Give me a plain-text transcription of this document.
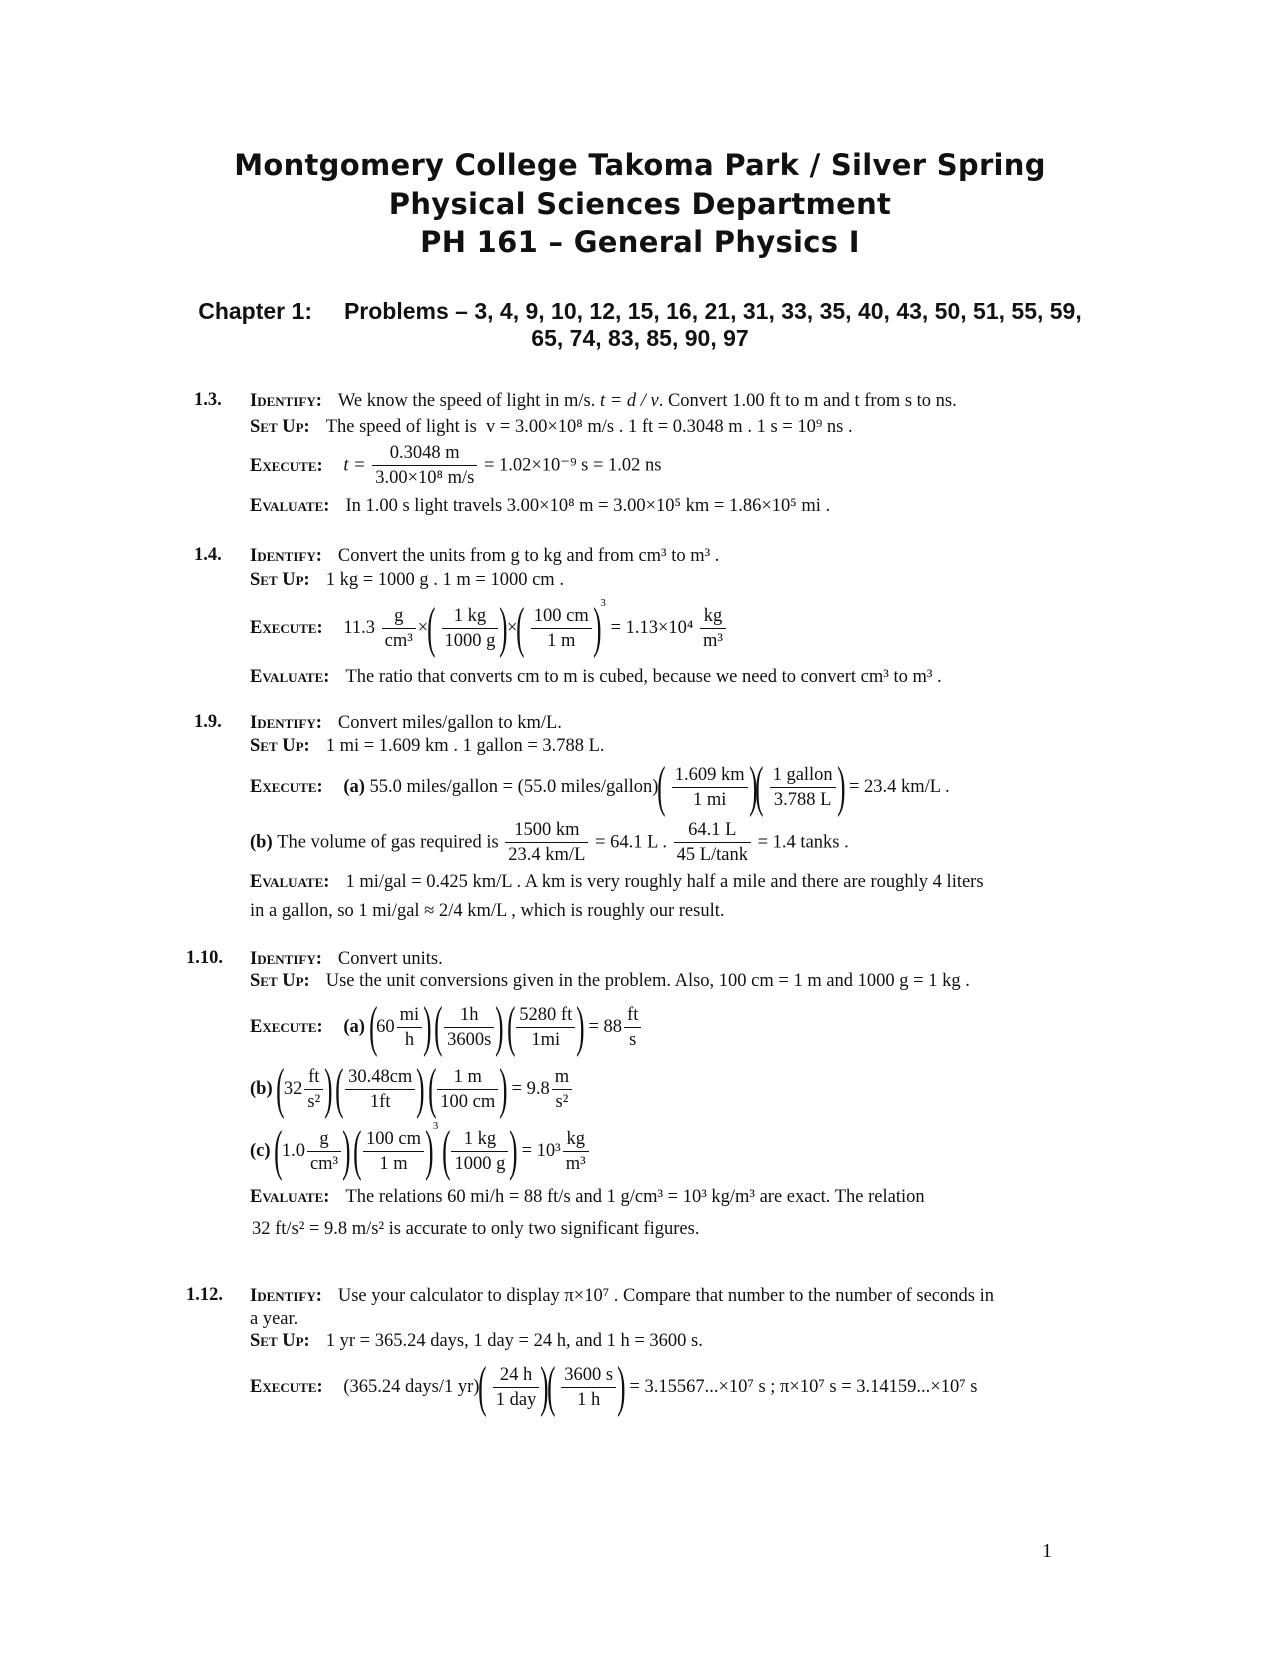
Montgomery College Takoma Park / Silver Spring
Physical Sciences Department
PH 161 – General Physics I
Chapter 1: Problems – 3, 4, 9, 10, 12, 15, 16, 21, 31, 33, 35, 40, 43, 50, 51, 55, 59,
65, 74, 83, 85, 90, 97
1.3. Identify: We know the speed of light in m/s. t = d / v. Convert 1.00 ft to m and t from s to ns.
Set Up: The speed of light is v = 3.00×10⁸ m/s . 1 ft = 0.3048 m . 1 s = 10⁹ ns .
Execute: $t = \frac{0.3048 m}{\text{3.00×10⁸ m/s}} = 1.02\times 10^{-9}$ s = 1.02 ns
Evaluate: In 1.00 s light travels 3.00×10⁸ m = 3.00×10⁵ km = 1.86×10⁵ mi .
1.4. Identify: Convert the units from g to kg and from cm³ to m³ .
Set Up: 1 kg = 1000 g . 1 m = 1000 cm .
Execute: $11.3 \frac{g}{\text{cm³}}$ ×( $\frac{1 kg}{1000 g}$ )×( $\frac{100 cm}{1 m} )^3 = 1.13\times 10^4 \frac{kg}{\text{m³}}$
Evaluate: The ratio that converts cm to m is cubed, because we need to convert cm³ to m³ .
1.9. Identify: Convert miles/gallon to km/L.
Set Up: 1 mi = 1.609 km . 1 gallon = 3.788 L.
Execute: (a) 55.0 miles/gallon = (55.0 miles/gallon)( $\frac{1.609 km}{1 mi}$ )( 1 gallon
3.788 L ) = 23.4 km/L .
(b) The volume of gas required is $\frac{1500 km}{23.4 km/L} = 64.1$ L . $\frac{64.1 L}{45 L/\tan k} = 1.4$ tanks .
Evaluate: 1 mi/gal = 0.425 km/L . A km is very roughly half a mile and there are roughly 4 liters
in a gallon, so 1 mi/gal ≈ 2/4 km/L , which is roughly our result.
1.10. Identify: Convert units.
Set Up: Use the unit conversions given in the problem. Also, 100 cm = 1 m and 1000 g = 1 kg .
Execute: (a) ($60 \frac{mi}{h}$ ) ( $\frac{1h}{3600s}$ ) ( $\frac{5280 ft}{1mi}$ ) = $88 \frac{ft}{s}$
(b) ($32 \frac{ft}{\text{s²}}$ ) ( $\frac{30.48cm}{1ft}$ ) ( $\frac{1 m}{100 cm}$ ) = $9.8 \frac{m}{\text{s²}}$
(c) ($1.0 \frac{g}{\text{cm³}}$ ) ( $\frac{100 cm}{1 m} )^3$ ( $\frac{1 kg}{1000 g}$ ) = $10^3 \frac{kg}{\text{m³}}$
Evaluate: The relations 60 mi/h = 88 ft/s and 1 g/cm³ = 10³ kg/m³ are exact. The relation
32 ft/s² = 9.8 m/s² is accurate to only two significant figures.
1.12. Identify: Use your calculator to display π×10⁷ . Compare that number to the number of seconds in
a year.
Set Up: 1 yr = 365.24 days, 1 day = 24 h, and 1 h = 3600 s.
Execute: (365.24 days/1 yr)( 24 h
1 day )( $\frac{3600 s}{1 h}$ ) = 3.15567...×10⁷ s ; π×10⁷ s = 3.14159...×10⁷ s
1
